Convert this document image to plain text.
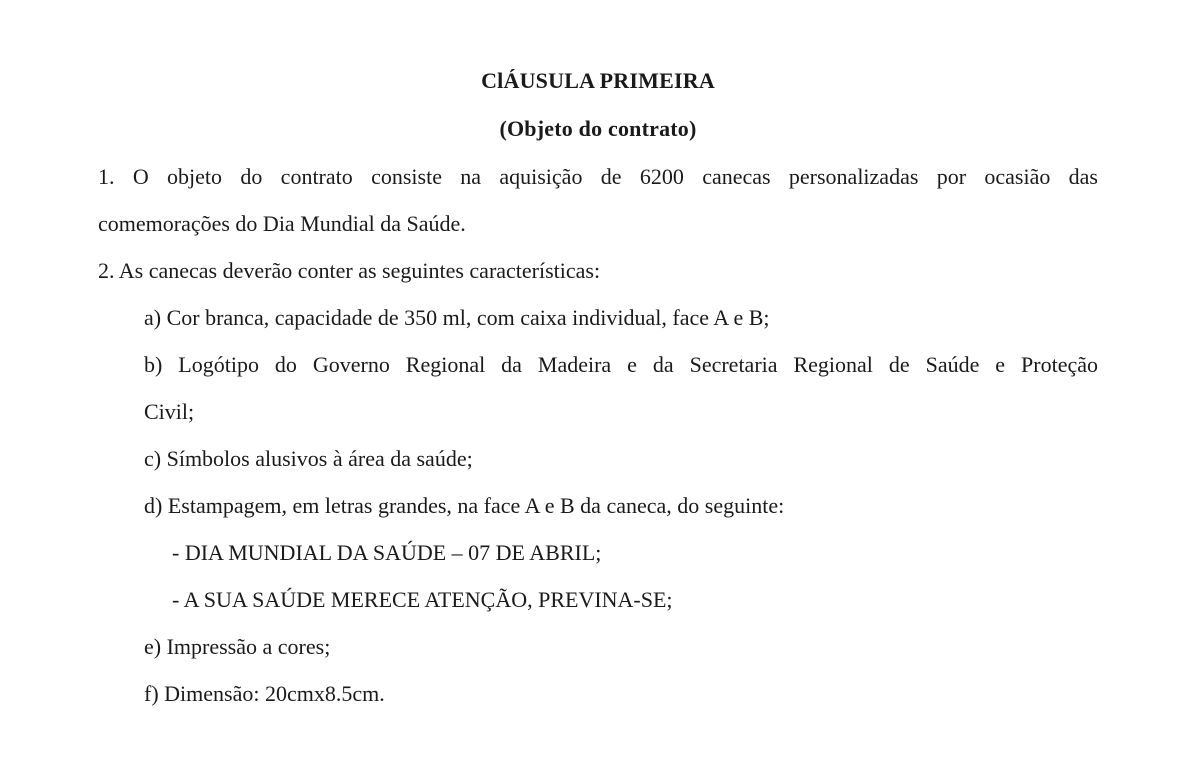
ClÁUSULA PRIMEIRA
(Objeto do contrato)
1. O objeto do contrato consiste na aquisição de 6200 canecas personalizadas por ocasião das
comemorações do Dia Mundial da Saúde.
2. As canecas deverão conter as seguintes características:
a) Cor branca, capacidade de 350 ml, com caixa individual, face A e B;
b) Logótipo do Governo Regional da Madeira e da Secretaria Regional de Saúde e Proteção
Civil;
c) Símbolos alusivos à área da saúde;
d) Estampagem, em letras grandes, na face A e B da caneca, do seguinte:
- DIA MUNDIAL DA SAÚDE – 07 DE ABRIL;
- A SUA SAÚDE MERECE ATENÇÃO, PREVINA-SE;
e) Impressão a cores;
f) Dimensão: 20cmx8.5cm.
